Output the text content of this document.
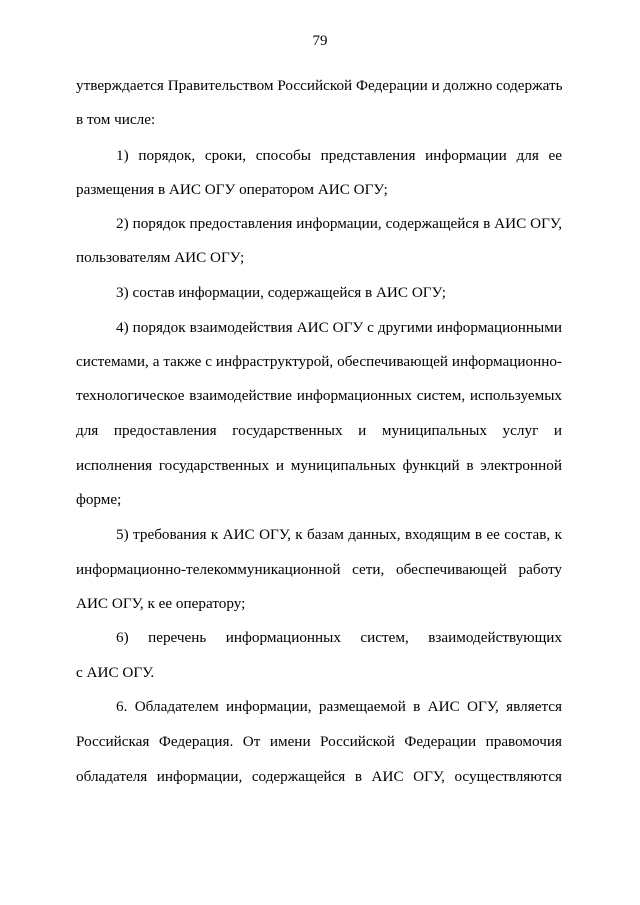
79
утверждается Правительством Российской Федерации и должно содержать
в том числе:
1) порядок, сроки, способы представления информации для ее
размещения в АИС ОГУ оператором АИС ОГУ;
2) порядок предоставления информации, содержащейся в АИС ОГУ,
пользователям АИС ОГУ;
3) состав информации, содержащейся в АИС ОГУ;
4) порядок взаимодействия АИС ОГУ с другими информационными
системами, а также с инфраструктурой, обеспечивающей информационно-
технологическое взаимодействие информационных систем, используемых
для предоставления государственных и муниципальных услуг и
исполнения государственных и муниципальных функций в электронной
форме;
5) требования к АИС ОГУ, к базам данных, входящим в ее состав, к
информационно-телекоммуникационной сети, обеспечивающей работу
АИС ОГУ, к ее оператору;
6) перечень информационных систем, взаимодействующих
с АИС ОГУ.
6. Обладателем информации, размещаемой в АИС ОГУ, является
Российская Федерация. От имени Российской Федерации правомочия
обладателя информации, содержащейся в АИС ОГУ, осуществляются
